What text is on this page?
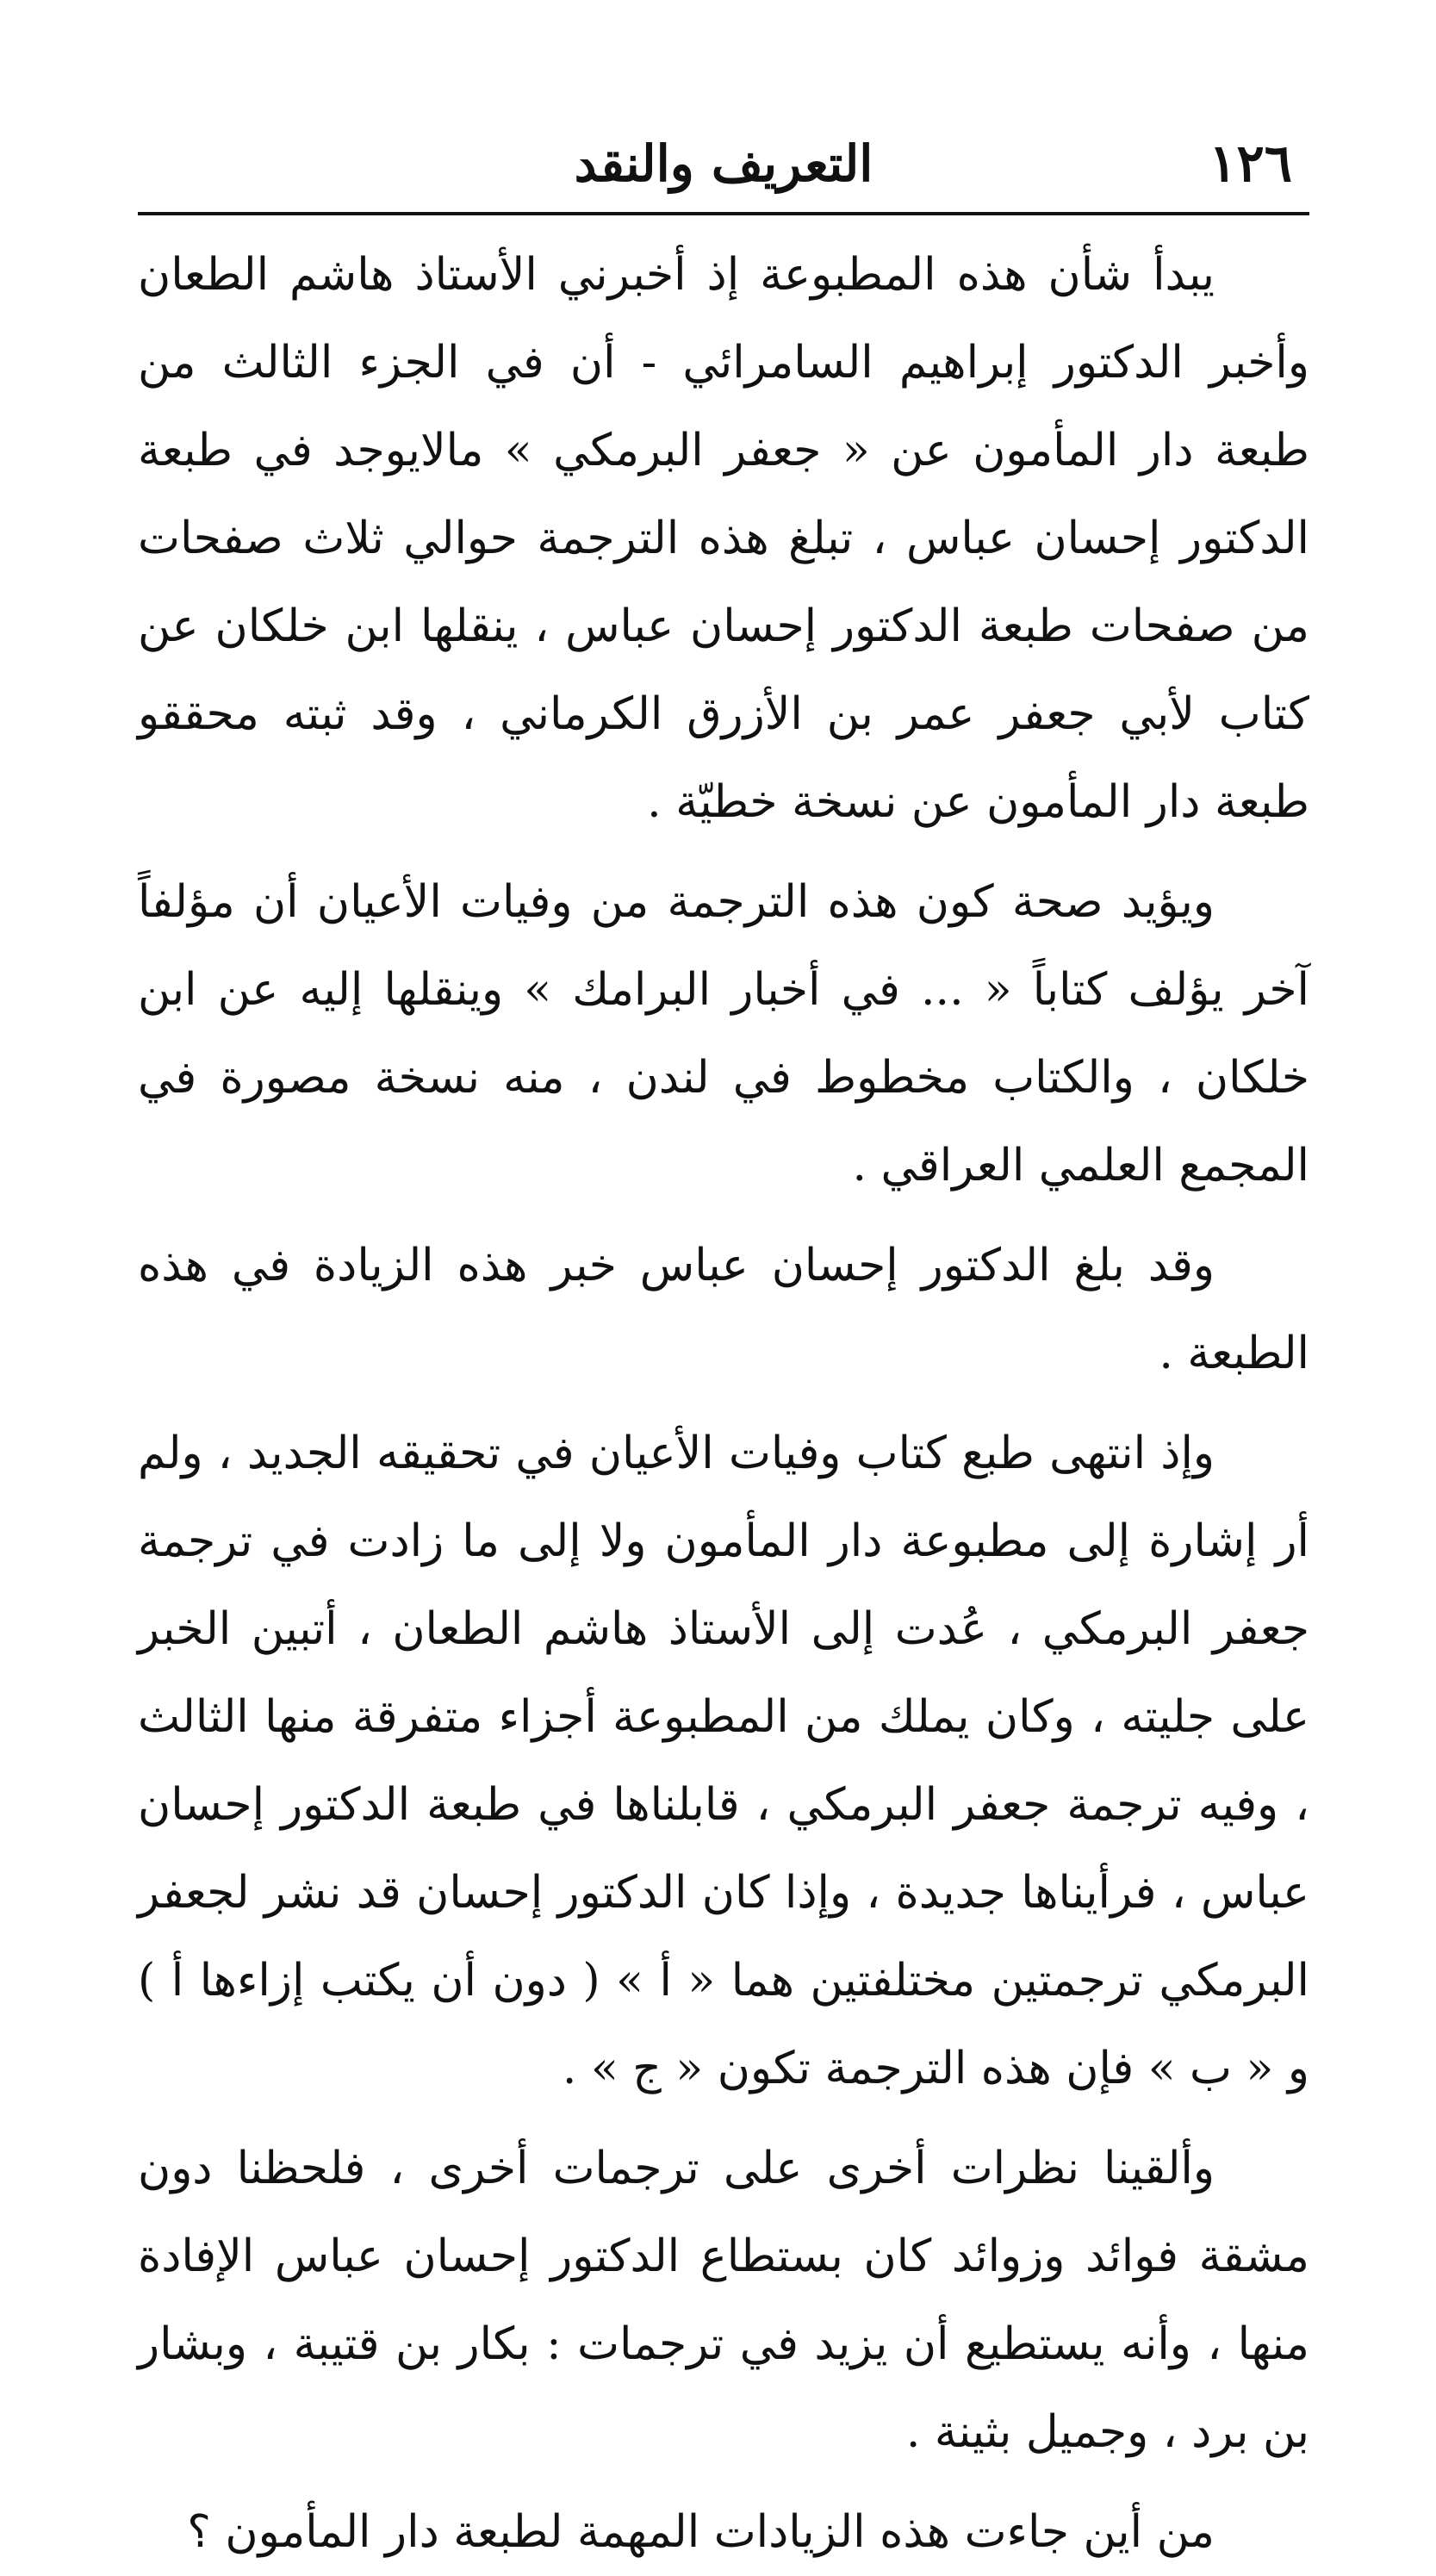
١٢٦
التعريف والنقد

يبدأ شأن هذه المطبوعة إذ أخبرني الأستاذ هاشم الطعان وأخبر الدكتور إبراهيم السامرائي - أن في الجزء الثالث من طبعة دار المأمون عن « جعفر البرمكي » مالايوجد في طبعة الدكتور إحسان عباس ، تبلغ هذه الترجمة حوالي ثلاث صفحات من صفحات طبعة الدكتور إحسان عباس ، ينقلها ابن خلكان عن كتاب لأبي جعفر عمر بن الأزرق الكرماني ، وقد ثبته محققو طبعة دار المأمون عن نسخة خطيّة .

ويؤيد صحة كون هذه الترجمة من وفيات الأعيان أن مؤلفاً آخر يؤلف كتاباً « ... في أخبار البرامك » وينقلها إليه عن ابن خلكان ، والكتاب مخطوط في لندن ، منه نسخة مصورة في المجمع العلمي العراقي .

وقد بلغ الدكتور إحسان عباس خبر هذه الزيادة في هذه الطبعة .

وإذ انتهى طبع كتاب وفيات الأعيان في تحقيقه الجديد ، ولم أر إشارة إلى مطبوعة دار المأمون ولا إلى ما زادت في ترجمة جعفر البرمكي ، عُدت إلى الأستاذ هاشم الطعان ، أتبين الخبر على جليته ، وكان يملك من المطبوعة أجزاء متفرقة منها الثالث ، وفيه ترجمة جعفر البرمكي ، قابلناها في طبعة الدكتور إحسان عباس ، فرأيناها جديدة ، وإذا كان الدكتور إحسان قد نشر لجعفر البرمكي ترجمتين مختلفتين هما « أ » ( دون أن يكتب إزاءها أ ) و « ب » فإن هذه الترجمة تكون « ج » .

وألقينا نظرات أخرى على ترجمات أخرى ، فلحظنا دون مشقة فوائد وزوائد كان بستطاع الدكتور إحسان عباس الإفادة منها ، وأنه يستطيع أن يزيد في ترجمات : بكار بن قتيبة ، وبشار بن برد ، وجميل بثينة .

من أين جاءت هذه الزيادات المهمة لطبعة دار المأمون ؟
